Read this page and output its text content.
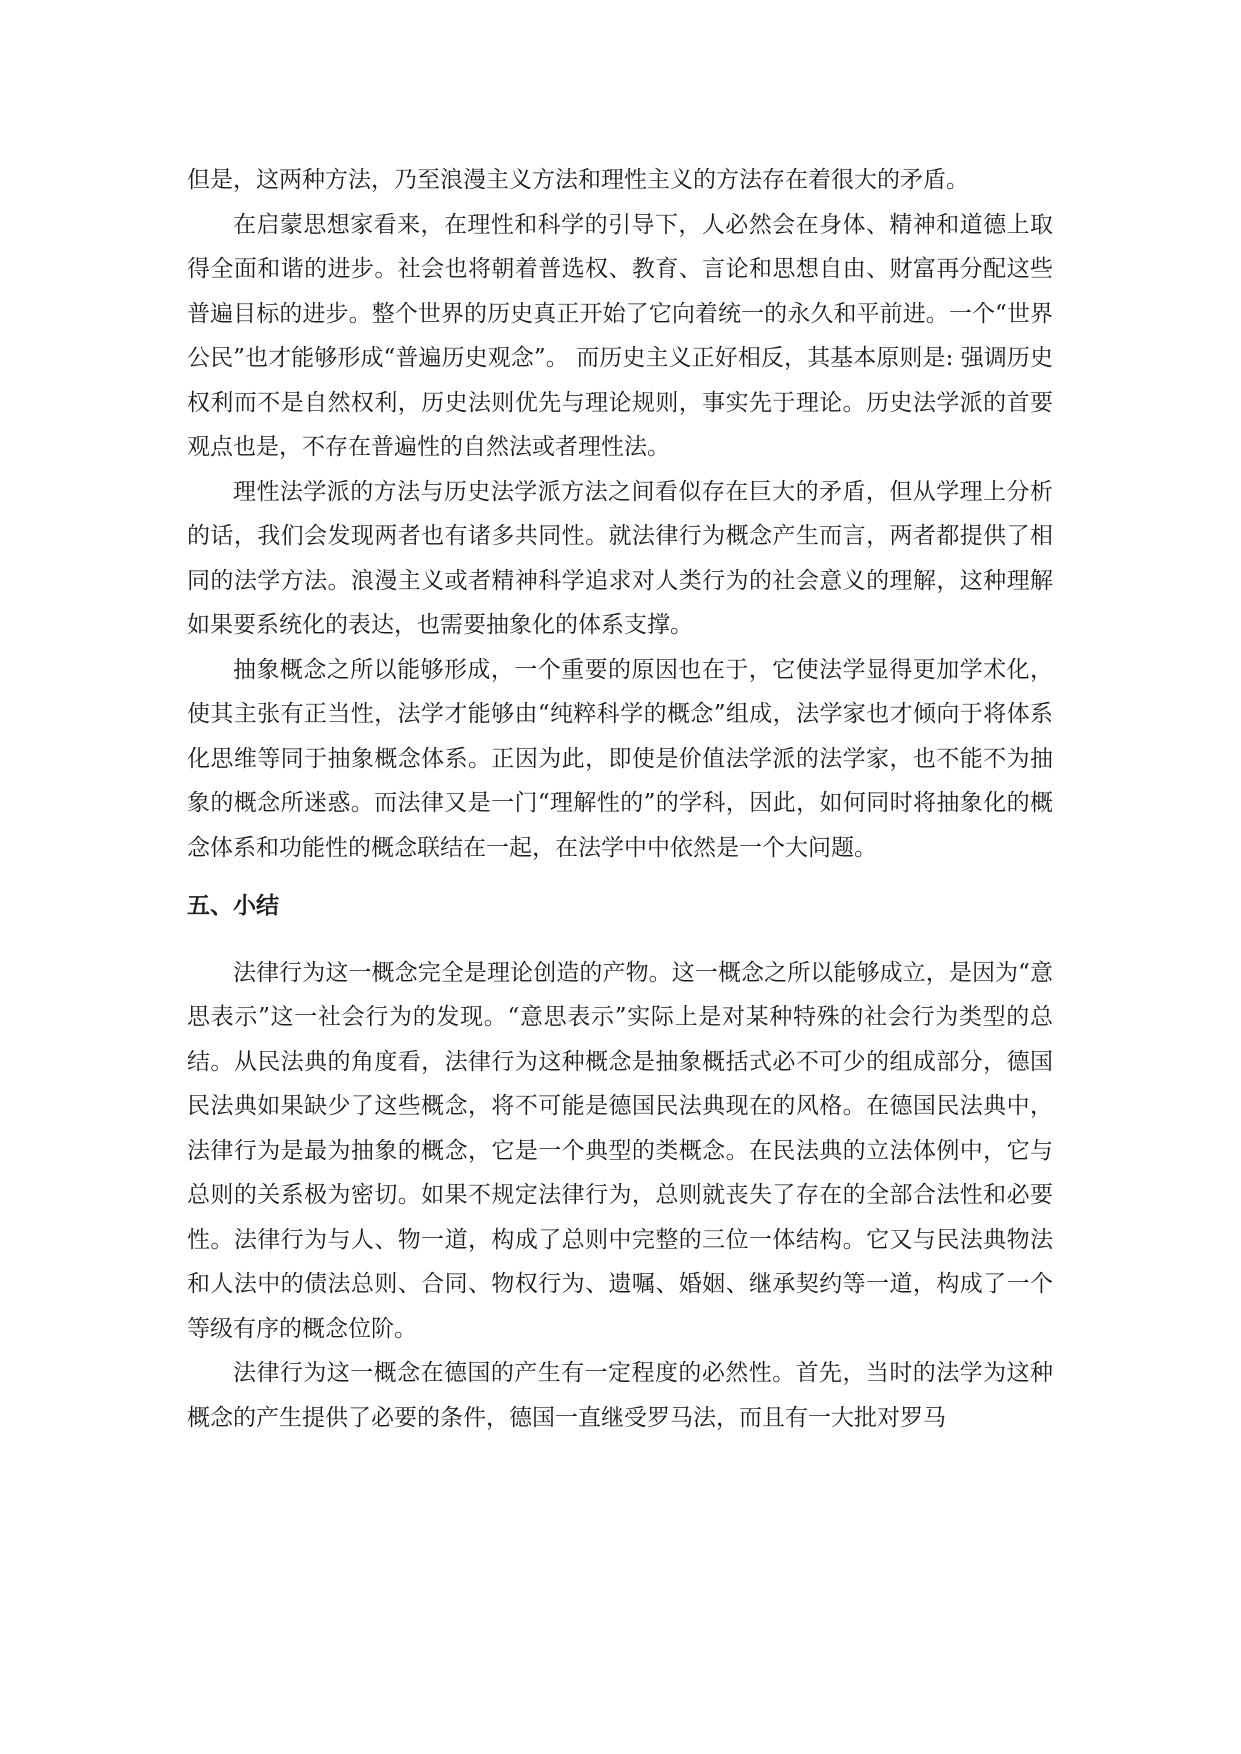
但是，这两种方法，乃至浪漫主义方法和理性主义的方法存在着很大的矛盾。

在启蒙思想家看来，在理性和科学的引导下，人必然会在身体、精神和道德上取得全面和谐的进步。社会也将朝着普选权、教育、言论和思想自由、财富再分配这些普遍目标的进步。整个世界的历史真正开始了它向着统一的永久和平前进。一个“世界公民”也才能够形成“普遍历史观念”。 而历史主义正好相反，其基本原则是: 强调历史权利而不是自然权利，历史法则优先与理论规则，事实先于理论。历史法学派的首要观点也是，不存在普遍性的自然法或者理性法。

理性法学派的方法与历史法学派方法之间看似存在巨大的矛盾，但从学理上分析的话，我们会发现两者也有诸多共同性。就法律行为概念产生而言，两者都提供了相同的法学方法。浪漫主义或者精神科学追求对人类行为的社会意义的理解，这种理解如果要系统化的表达，也需要抽象化的体系支撑。

抽象概念之所以能够形成，一个重要的原因也在于，它使法学显得更加学术化，使其主张有正当性，法学才能够由“纯粹科学的概念”组成，法学家也才倾向于将体系化思维等同于抽象概念体系。正因为此，即使是价值法学派的法学家，也不能不为抽象的概念所迷惑。而法律又是一门“理解性的”的学科，因此，如何同时将抽象化的概念体系和功能性的概念联结在一起，在法学中中依然是一个大问题。

五、小结

法律行为这一概念完全是理论创造的产物。这一概念之所以能够成立，是因为“意思表示”这一社会行为的发现。“意思表示”实际上是对某种特殊的社会行为类型的总结。从民法典的角度看，法律行为这种概念是抽象概括式必不可少的组成部分，德国民法典如果缺少了这些概念，将不可能是德国民法典现在的风格。在德国民法典中，法律行为是最为抽象的概念，它是一个典型的类概念。在民法典的立法体例中，它与总则的关系极为密切。如果不规定法律行为，总则就丧失了存在的全部合法性和必要性。法律行为与人、物一道，构成了总则中完整的三位一体结构。它又与民法典物法和人法中的债法总则、合同、物权行为、遗嘱、婚姻、继承契约等一道，构成了一个等级有序的概念位阶。

法律行为这一概念在德国的产生有一定程度的必然性。首先，当时的法学为这种概念的产生提供了必要的条件，德国一直继受罗马法，而且有一大批对罗马
